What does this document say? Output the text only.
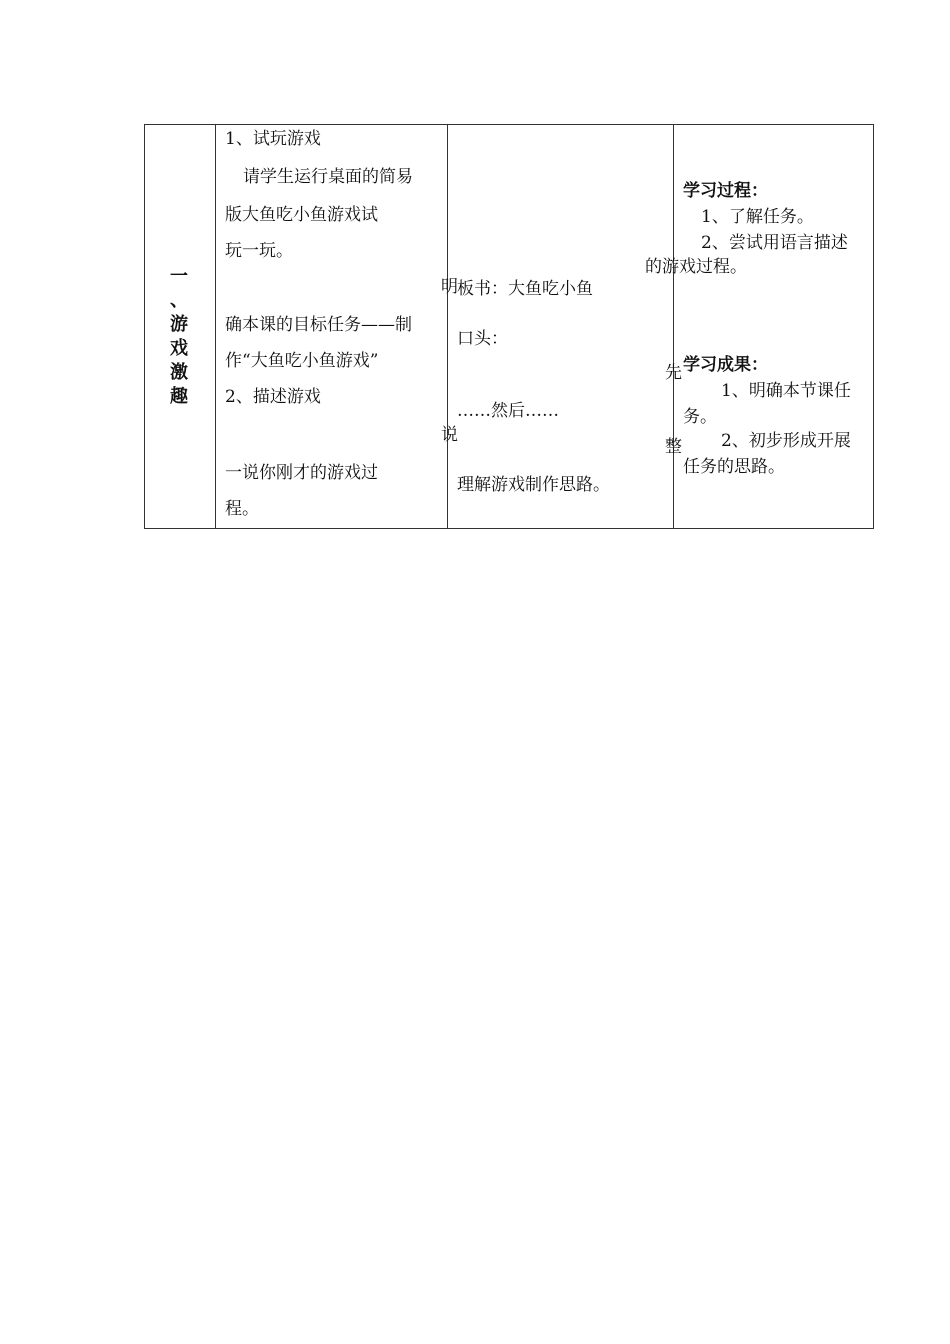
一
、
游
戏
激
趣
1、试玩游戏
请学生运行桌面的简易
版大鱼吃小鱼游戏试
玩一玩。
确本课的目标任务——制
作“大鱼吃小鱼游戏”
2、描述游戏
一说你刚才的游戏过
程。
明
说
板书：大鱼吃小鱼
口头：
……然后……
理解游戏制作思路。
的游戏过程。
先
整
学习过程：
1、了解任务。
2、尝试用语言描述
学习成果：
1、明确本节课任
务。
2、初步形成开展
任务的思路。
